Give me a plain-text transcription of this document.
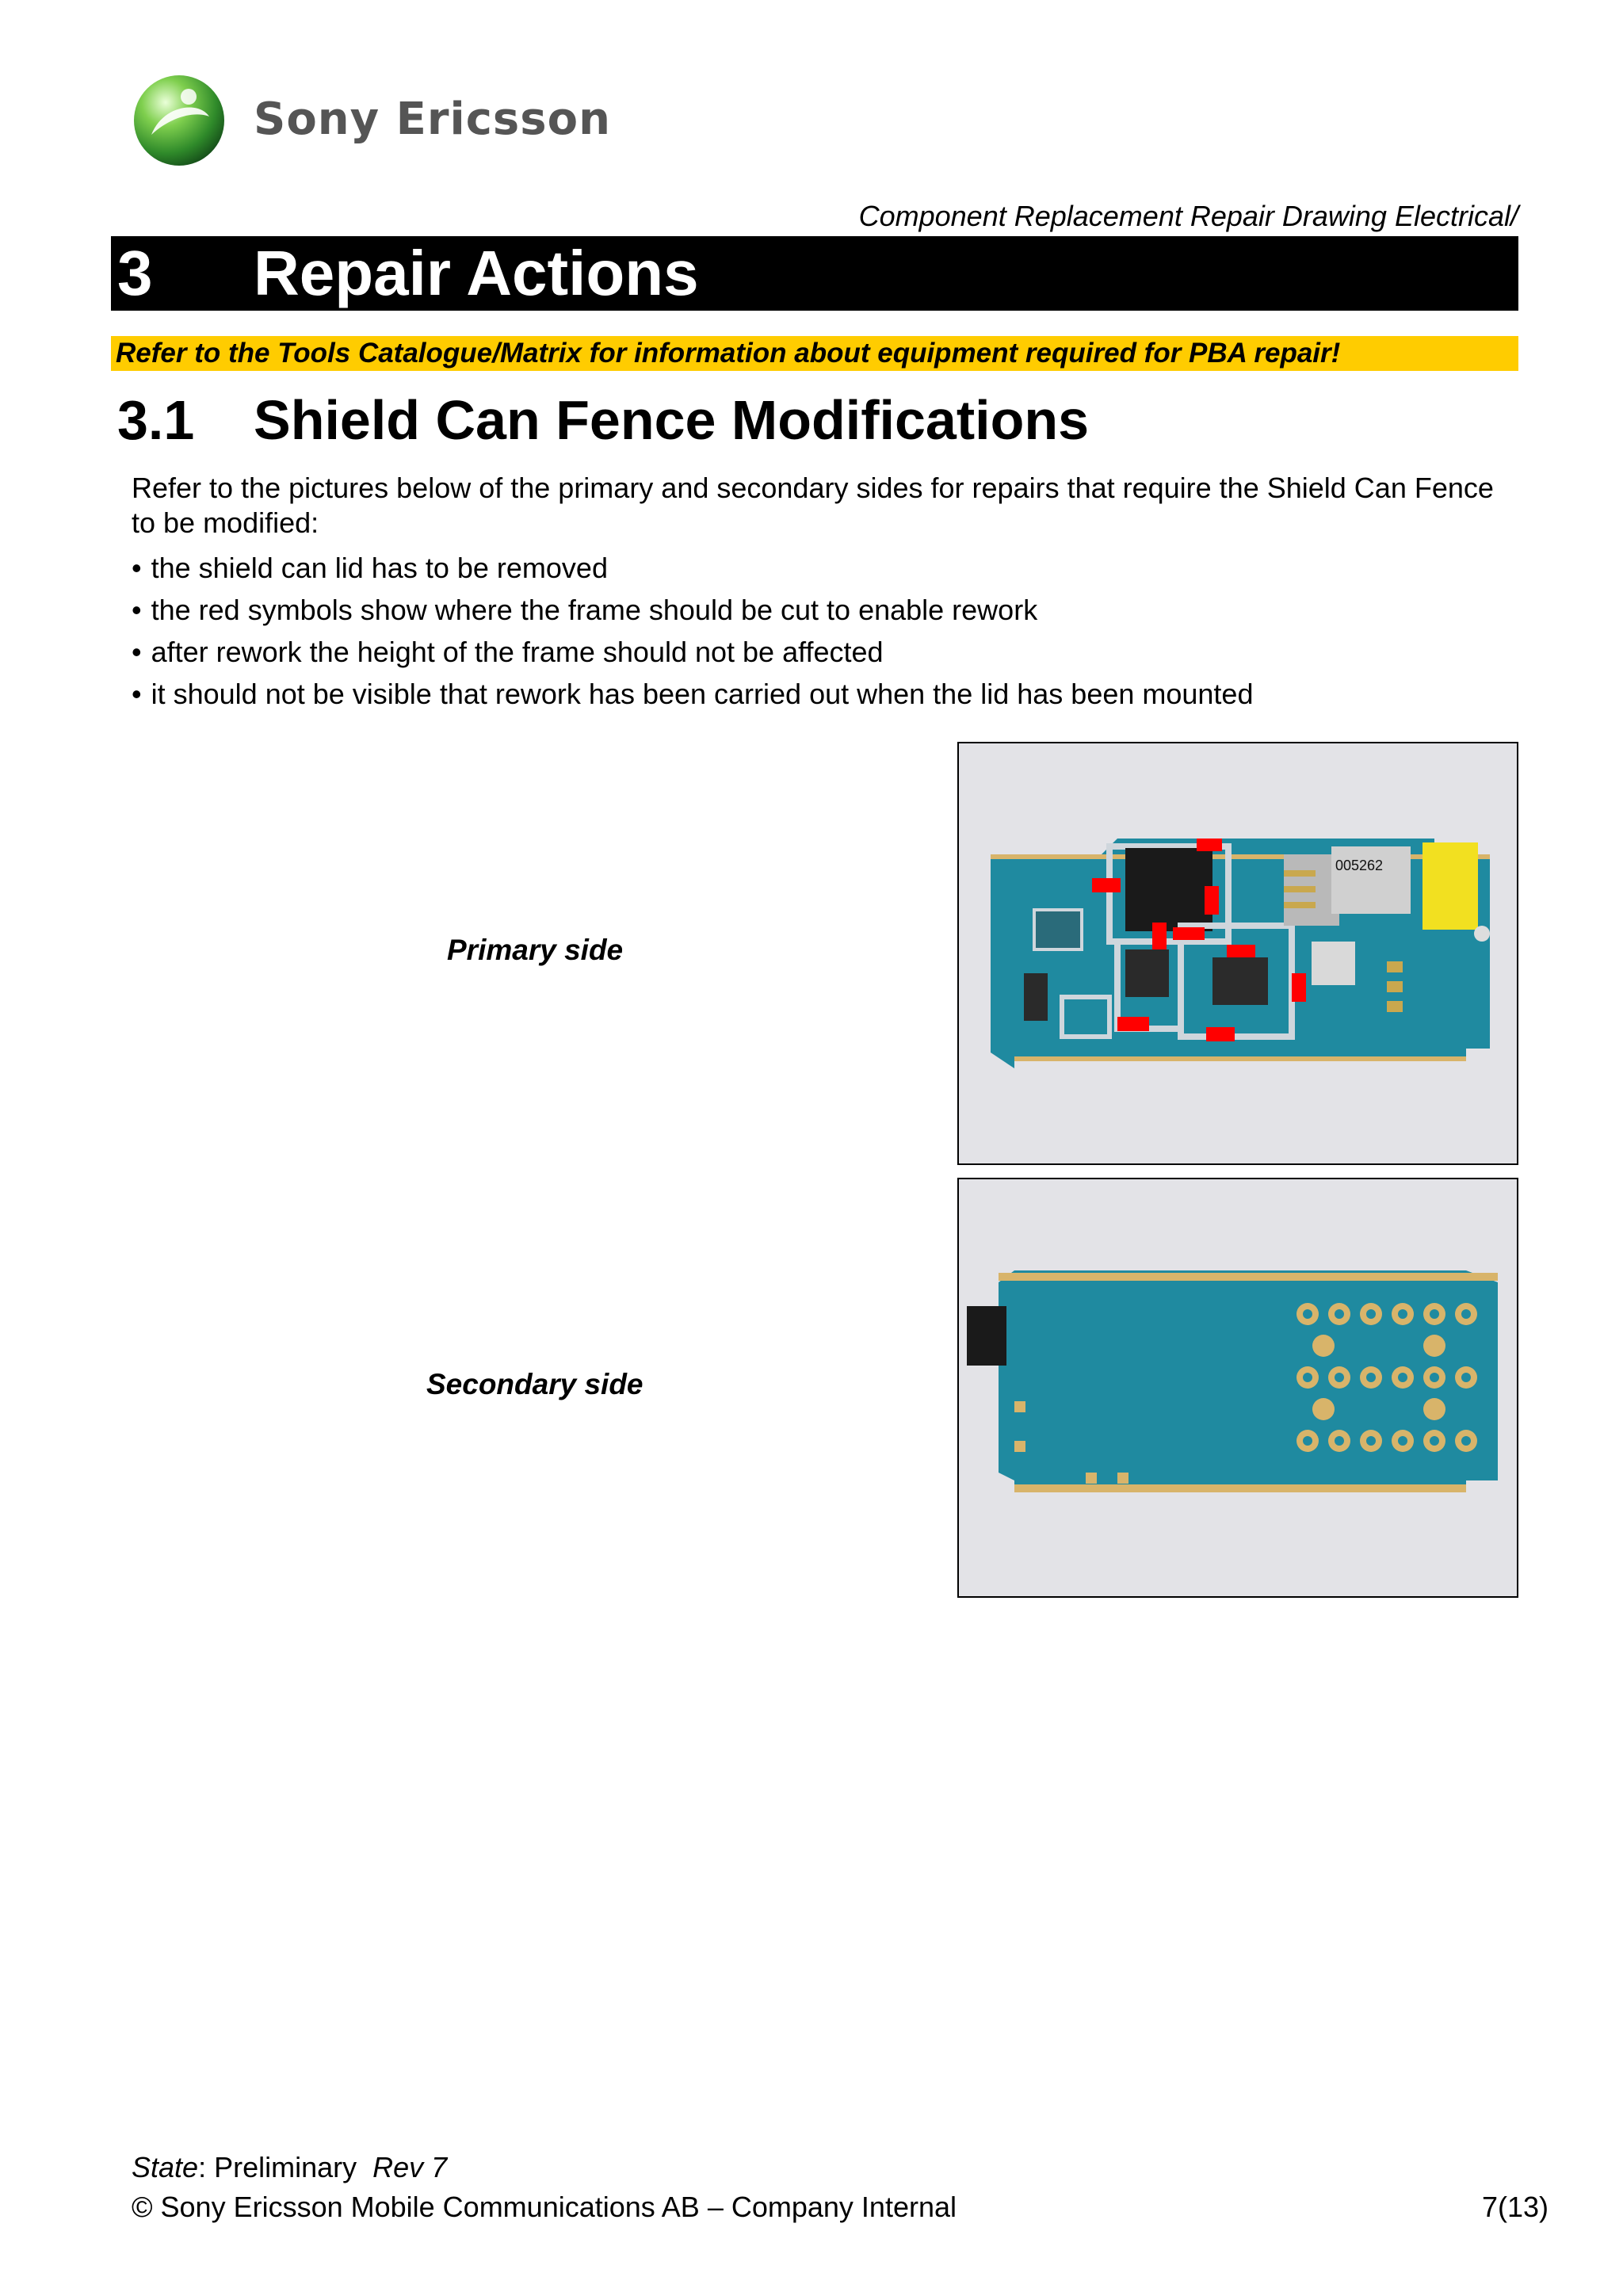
Sony Ericsson
Component Replacement Repair Drawing Electrical/
3 Repair Actions
Refer to the Tools Catalogue/Matrix for information about equipment required for PBA repair!
3.1 Shield Can Fence Modifications
Refer to the pictures below of the primary and secondary sides for repairs that require the Shield Can Fence to be modified:
• the shield can lid has to be removed
• the red symbols show where the frame should be cut to enable rework
• after rework the height of the frame should not be affected
• it should not be visible that rework has been carried out when the lid has been mounted
Primary side
Secondary side
005262
State: Preliminary Rev 7
© Sony Ericsson Mobile Communications AB – Company Internal	7(13)
